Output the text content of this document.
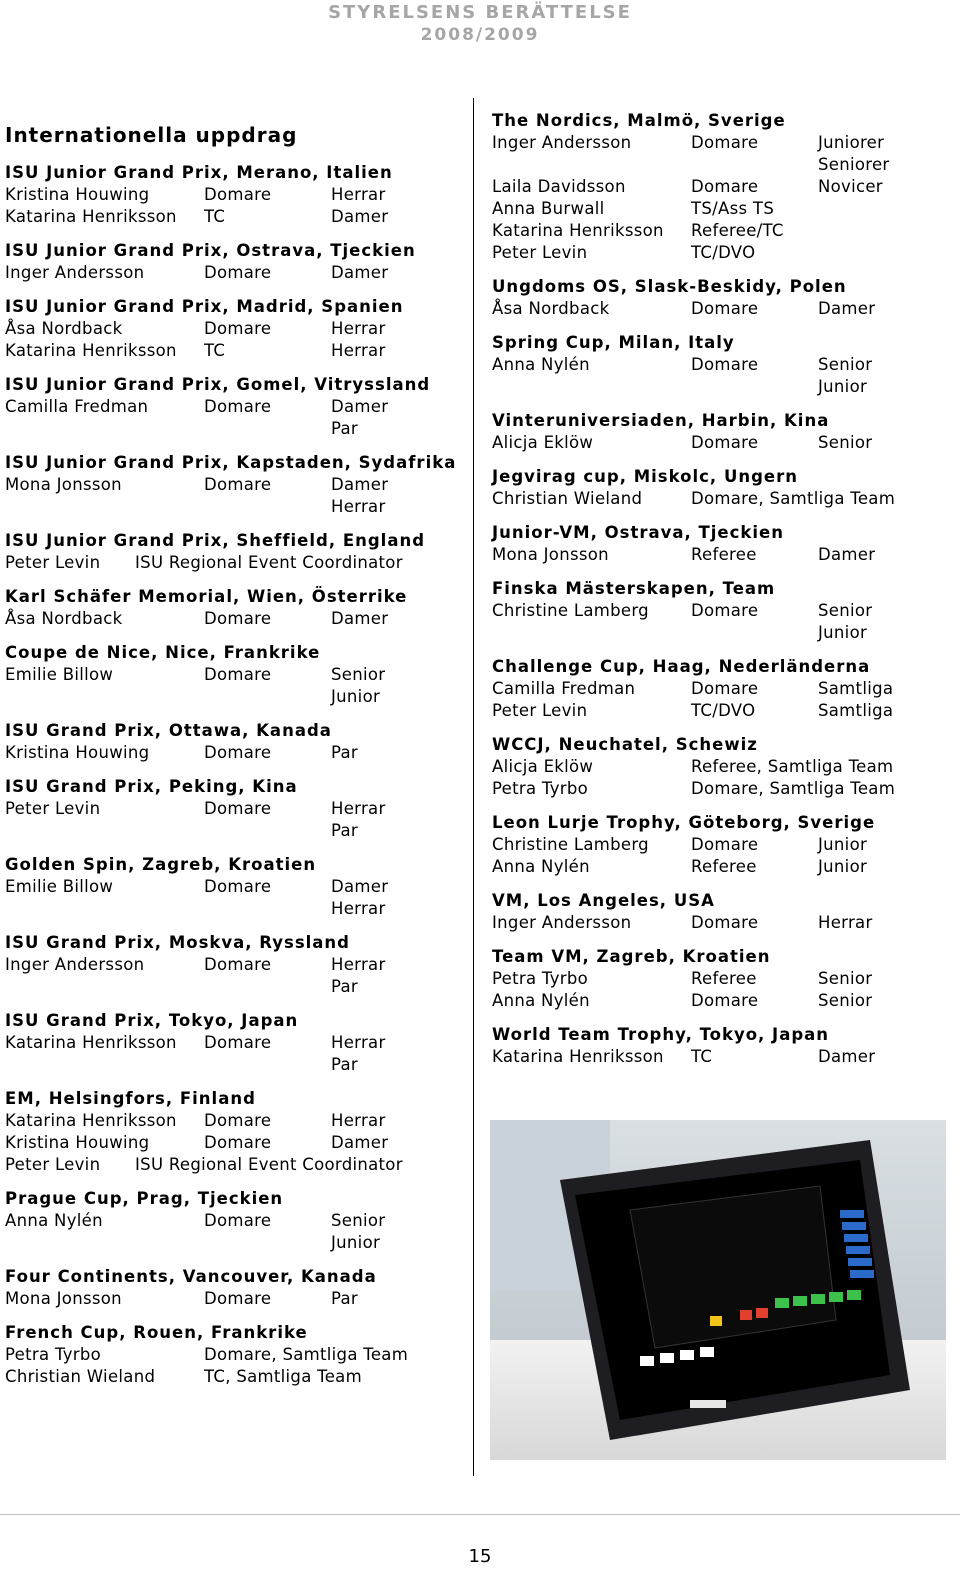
STYRELSENS BERÄTTELSE
2008/2009
Internationella uppdrag
ISU Junior Grand Prix, Merano, Italien
Kristina Houwing	Domare	Herrar
Katarina Henriksson	TC	Damer
ISU Junior Grand Prix, Ostrava, Tjeckien
Inger Andersson	Domare	Damer
ISU Junior Grand Prix, Madrid, Spanien
Åsa Nordback	Domare	Herrar
Katarina Henriksson	TC	Herrar
ISU Junior Grand Prix, Gomel, Vitryssland
Camilla Fredman	Domare	Damer
Par
ISU Junior Grand Prix, Kapstaden, Sydafrika
Mona Jonsson	Domare	Damer
Herrar
ISU Junior Grand Prix, Sheffield, England
Peter Levin	ISU Regional Event Coordinator
Karl Schäfer Memorial, Wien, Österrike
Åsa Nordback	Domare	Damer
Coupe de Nice, Nice, Frankrike
Emilie Billow	Domare	Senior
Junior
ISU Grand Prix, Ottawa, Kanada
Kristina Houwing	Domare	Par
ISU Grand Prix, Peking, Kina
Peter Levin	Domare	Herrar
Par
Golden Spin, Zagreb, Kroatien
Emilie Billow	Domare	Damer
Herrar
ISU Grand Prix, Moskva, Ryssland
Inger Andersson	Domare	Herrar
Par
ISU Grand Prix, Tokyo, Japan
Katarina Henriksson	Domare	Herrar
Par
EM, Helsingfors, Finland
Katarina Henriksson	Domare	Herrar
Kristina Houwing	Domare	Damer
Peter Levin	ISU Regional Event Coordinator
Prague Cup, Prag, Tjeckien
Anna Nylén	Domare	Senior
Junior
Four Continents, Vancouver, Kanada
Mona Jonsson	Domare	Par
French Cup, Rouen, Frankrike
Petra Tyrbo	Domare, Samtliga Team
Christian Wieland	TC, Samtliga Team
The Nordics, Malmö, Sverige
Inger Andersson	Domare	Juniorer
Seniorer
Laila Davidsson	Domare	Novicer
Anna Burwall	TS/Ass TS
Katarina Henriksson	Referee/TC
Peter Levin	TC/DVO
Ungdoms OS, Slask-Beskidy, Polen
Åsa Nordback	Domare	Damer
Spring Cup, Milan, Italy
Anna Nylén	Domare	Senior
Junior
Vinteruniversiaden, Harbin, Kina
Alicja Eklöw	Domare	Senior
Jegvirag cup, Miskolc, Ungern
Christian Wieland	Domare, Samtliga Team
Junior-VM, Ostrava, Tjeckien
Mona Jonsson	Referee	Damer
Finska Mästerskapen, Team
Christine Lamberg	Domare	Senior
Junior
Challenge Cup, Haag, Nederländerna
Camilla Fredman	Domare	Samtliga
Peter Levin	TC/DVO	Samtliga
WCCJ, Neuchatel, Schewiz
Alicja Eklöw	Referee, Samtliga Team
Petra Tyrbo	Domare, Samtliga Team
Leon Lurje Trophy, Göteborg, Sverige
Christine Lamberg	Domare	Junior
Anna Nylén	Referee	Junior
VM, Los Angeles, USA
Inger Andersson	Domare	Herrar
Team VM, Zagreb, Kroatien
Petra Tyrbo	Referee	Senior
Anna Nylén	Domare	Senior
World Team Trophy, Tokyo, Japan
Katarina Henriksson	TC	Damer
15
